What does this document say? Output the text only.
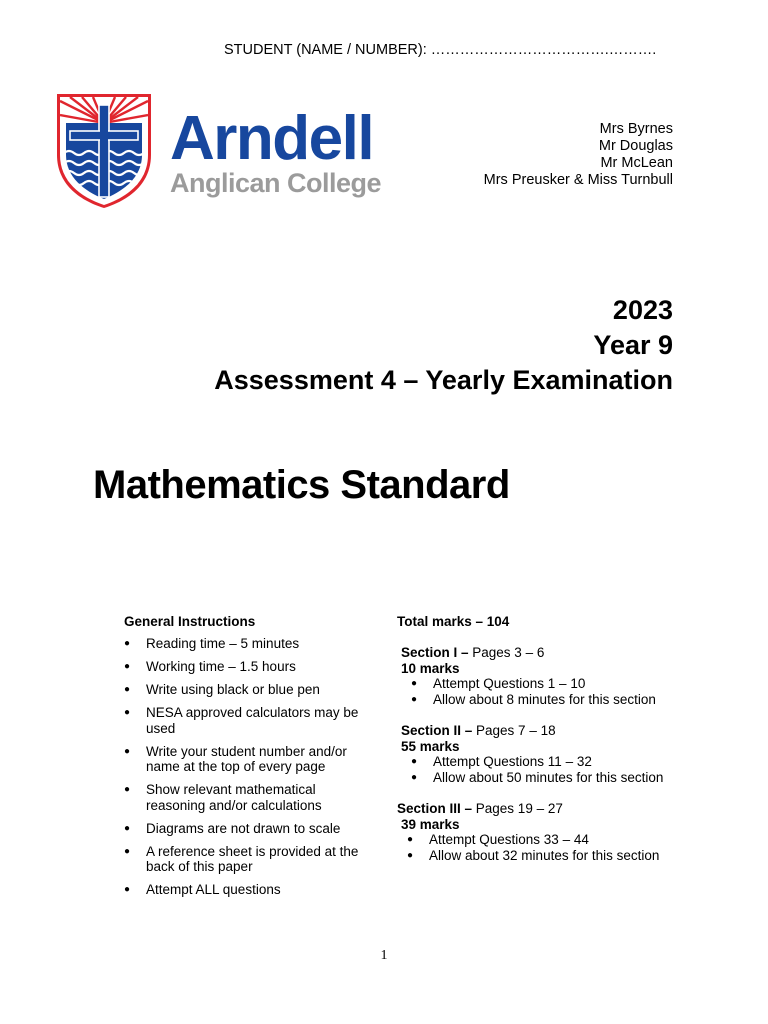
STUDENT (NAME / NUMBER): ……………………………….……….
Arndell
Anglican College
Mrs Byrnes
Mr Douglas
Mr McLean
Mrs Preusker & Miss Turnbull
2023
Year 9
Assessment 4 – Yearly Examination
Mathematics Standard
General Instructions
● Reading time – 5 minutes
● Working time – 1.5 hours
● Write using black or blue pen
● NESA approved calculators may be used
● Write your student number and/or name at the top of every page
● Show relevant mathematical reasoning and/or calculations
● Diagrams are not drawn to scale
● A reference sheet is provided at the back of this paper
● Attempt ALL questions
Total marks – 104
Section I – Pages 3 – 6
10 marks
● Attempt Questions 1 – 10
● Allow about 8 minutes for this section
Section II – Pages 7 – 18
55 marks
● Attempt Questions 11 – 32
● Allow about 50 minutes for this section
Section III – Pages 19 – 27
39 marks
● Attempt Questions 33 – 44
● Allow about 32 minutes for this section
1
